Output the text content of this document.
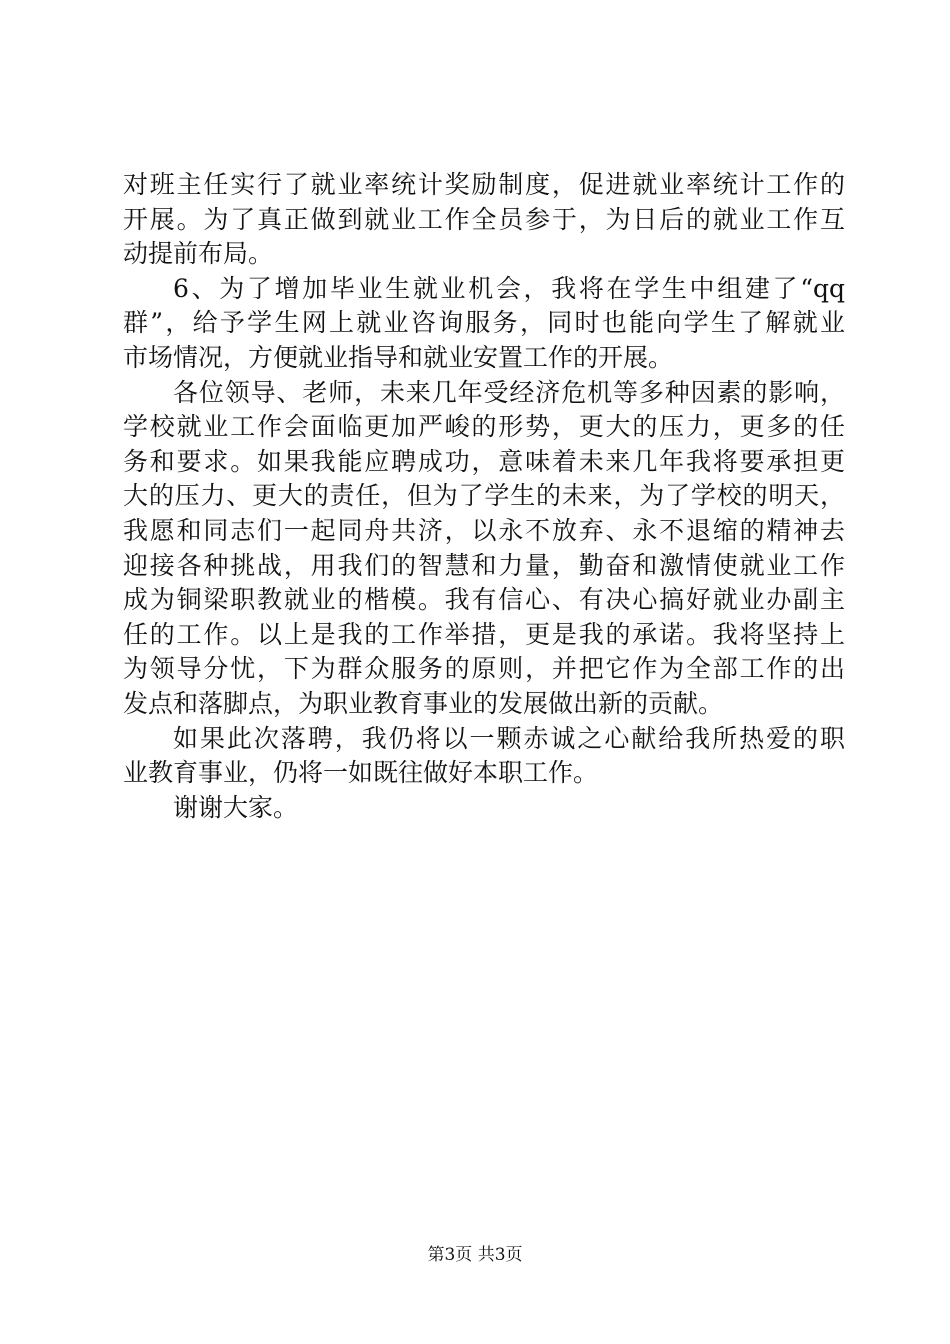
对班主任实行了就业率统计奖励制度，促进就业率统计工作的
开展。为了真正做到就业工作全员参于，为日后的就业工作互
动提前布局。
6、为了增加毕业生就业机会，我将在学生中组建了“qq
群”，给予学生网上就业咨询服务，同时也能向学生了解就业
市场情况，方便就业指导和就业安置工作的开展。
各位领导、老师，未来几年受经济危机等多种因素的影响，
学校就业工作会面临更加严峻的形势，更大的压力，更多的任
务和要求。如果我能应聘成功，意味着未来几年我将要承担更
大的压力、更大的责任，但为了学生的未来，为了学校的明天，
我愿和同志们一起同舟共济，以永不放弃、永不退缩的精神去
迎接各种挑战，用我们的智慧和力量，勤奋和激情使就业工作
成为铜梁职教就业的楷模。我有信心、有决心搞好就业办副主
任的工作。以上是我的工作举措，更是我的承诺。我将坚持上
为领导分忧，下为群众服务的原则，并把它作为全部工作的出
发点和落脚点，为职业教育事业的发展做出新的贡献。
如果此次落聘，我仍将以一颗赤诚之心献给我所热爱的职
业教育事业，仍将一如既往做好本职工作。
谢谢大家。
第3页 共3页
